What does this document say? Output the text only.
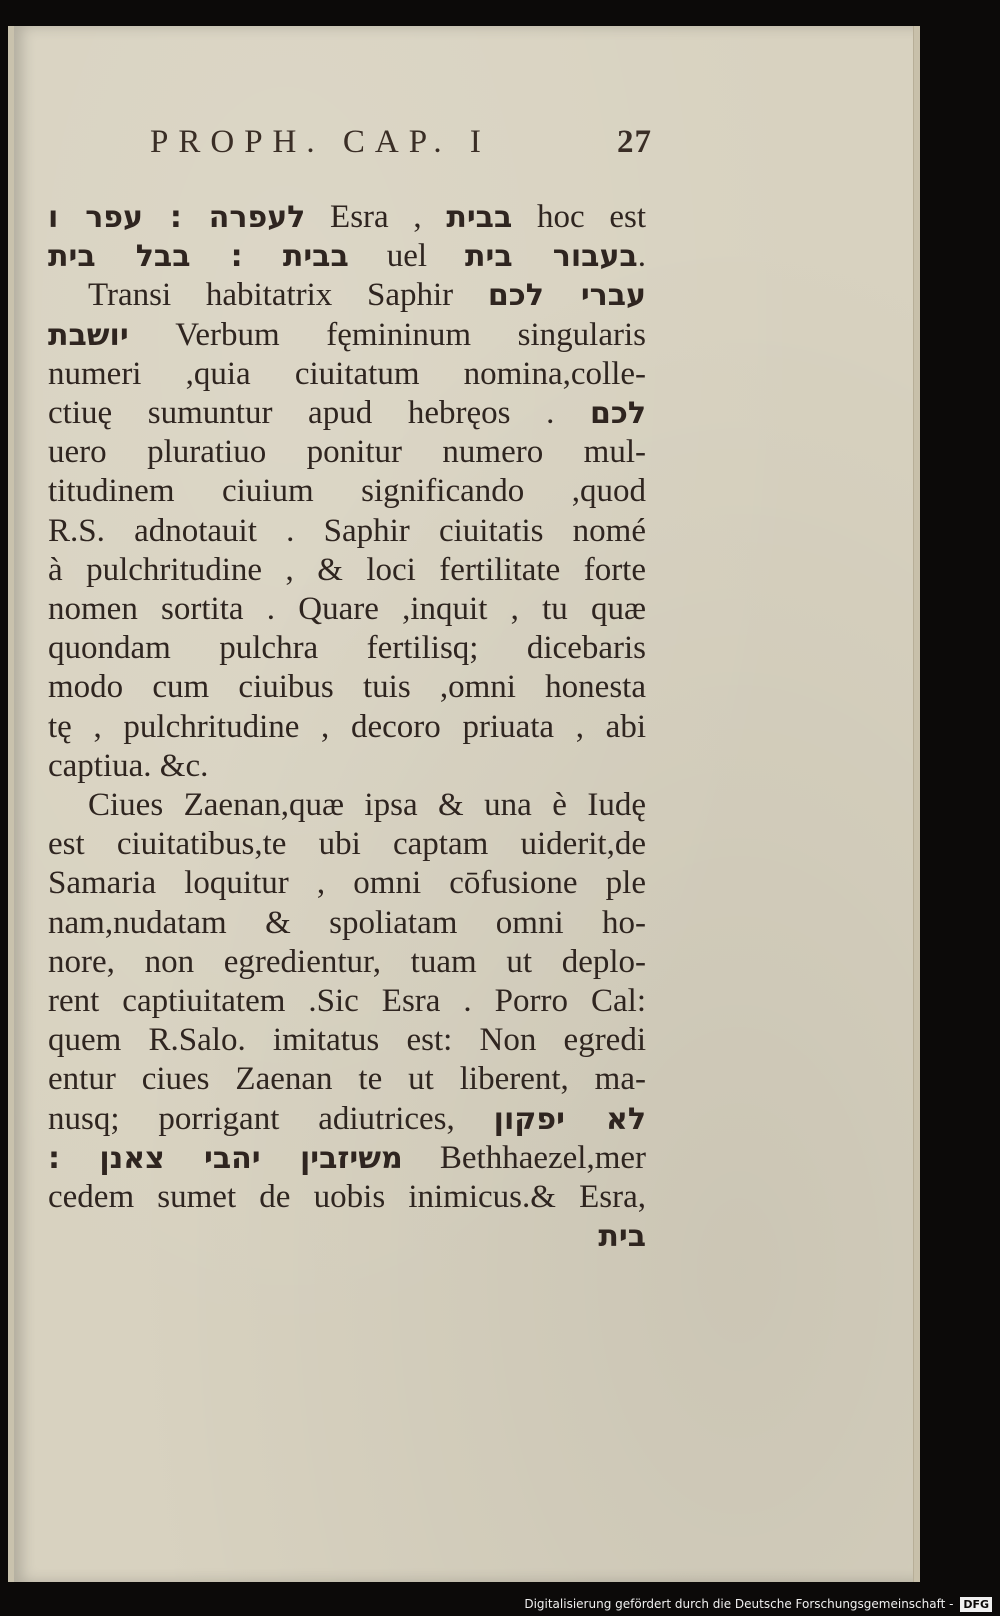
PROPH. CAP. I	27
לעפרה : עפר ו Esra , בבית hoc est
בבית : בבל בית uel בעבור בית.
Transi habitatrix Saphir עברי לכם
יושבת Verbum fęmininum singularis
numeri ,quia ciuitatum nomina,colle-
ctiuę sumuntur apud hebręos . לכם
uero pluratiuo ponitur numero mul-
titudinem ciuium significando ,quod
R.S. adnotauit . Saphir ciuitatis nomé
à pulchritudine , & loci fertilitate forte
nomen sortita . Quare ,inquit , tu quæ
quondam pulchra fertilisq; dicebaris
modo cum ciuibus tuis ,omni honesta
tę , pulchritudine , decoro priuata , abi
captiua. &c.
Ciues Zaenan,quæ ipsa & una è Iudę
est ciuitatibus,te ubi captam uiderit,de
Samaria loquitur , omni cōfusione ple
nam,nudatam & spoliatam omni ho-
nore, non egredientur, tuam ut deplo-
rent captiuitatem .Sic Esra . Porro Cal:
quem R.Salo. imitatus est: Non egredi
entur ciues Zaenan te ut liberent, ma-
nusq; porrigant adiutrices, לא יפקון
משיזבין יהבי צאנן : Bethhaezel,mer
cedem sumet de uobis inimicus.& Esra,
בית
Digitalisierung gefördert durch die Deutsche Forschungsgemeinschaft - DFG
